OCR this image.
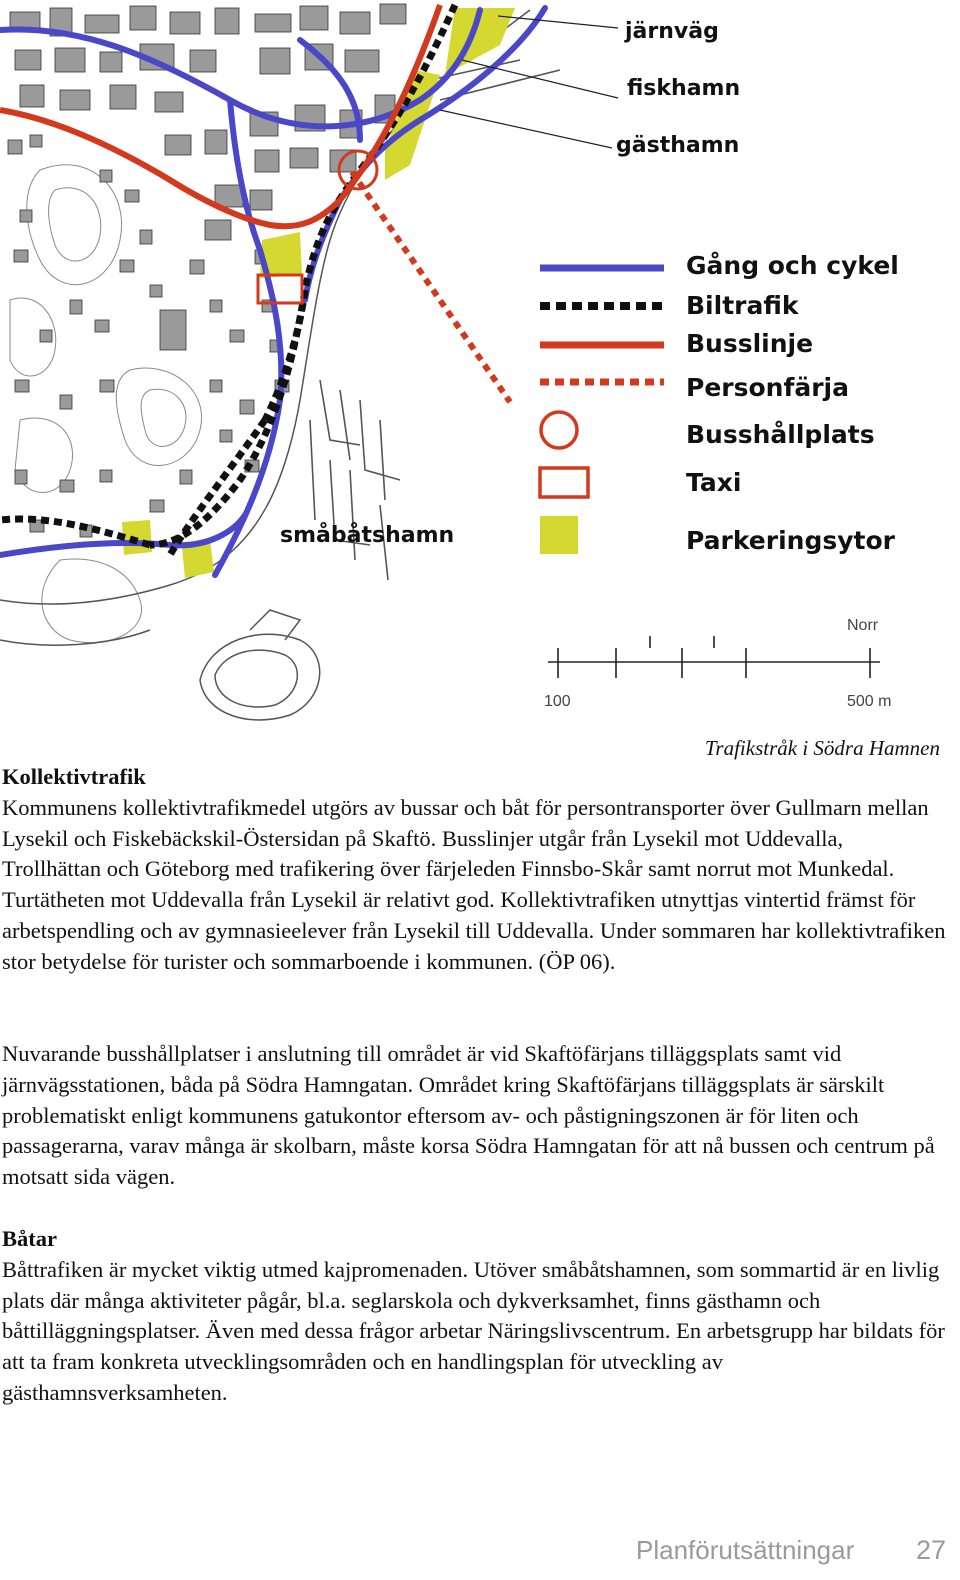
järnväg
fiskhamn
gästhamn
småbåtshamn
Gång och cykel
Biltrafik
Busslinje
Personfärja
Busshållplats
Taxi
Parkeringsytor
Norr
100	500 m
Trafikstråk i Södra Hamnen
Kollektivtrafik

Kommunens kollektivtrafikmedel utgörs av bussar och båt för persontransporter över Gullmarn mellan Lysekil och Fiskebäckskil-Östersidan på Skaftö. Busslinjer utgår från Lysekil mot Uddevalla, Trollhättan och Göteborg med trafikering över färjeleden Finnsbo-Skår samt norrut mot Munkedal. Turtätheten mot Uddevalla från Lysekil är relativt god. Kollektivtrafiken utnyttjas vintertid främst för arbetspendling och av gymnasieelever från Lysekil till Uddevalla. Under sommaren har kollektivtrafiken stor betydelse för turister och sommarboende i kommunen. (ÖP 06).

Nuvarande busshållplatser i anslutning till området är vid Skaftöfärjans tilläggsplats samt vid järnvägsstationen, båda på Södra Hamngatan. Området kring Skaftöfärjans tilläggsplats är särskilt problematiskt enligt kommunens gatukontor eftersom av- och påstigningszonen är för liten och passagerarna, varav många är skolbarn, måste korsa Södra Hamngatan för att nå bussen och centrum på motsatt sida vägen.

Båtar

Båttrafiken är mycket viktig utmed kajpromenaden. Utöver småbåtshamnen, som sommartid är en livlig plats där många aktiviteter pågår, bl.a. seglarskola och dykverksamhet, finns gästhamn och båttilläggningsplatser. Även med dessa frågor arbetar Näringslivscentrum. En arbetsgrupp har bildats för att ta fram konkreta utvecklingsområden och en handlingsplan för utveckling av gästhamnsverksamheten.

Planförutsättningar 27
